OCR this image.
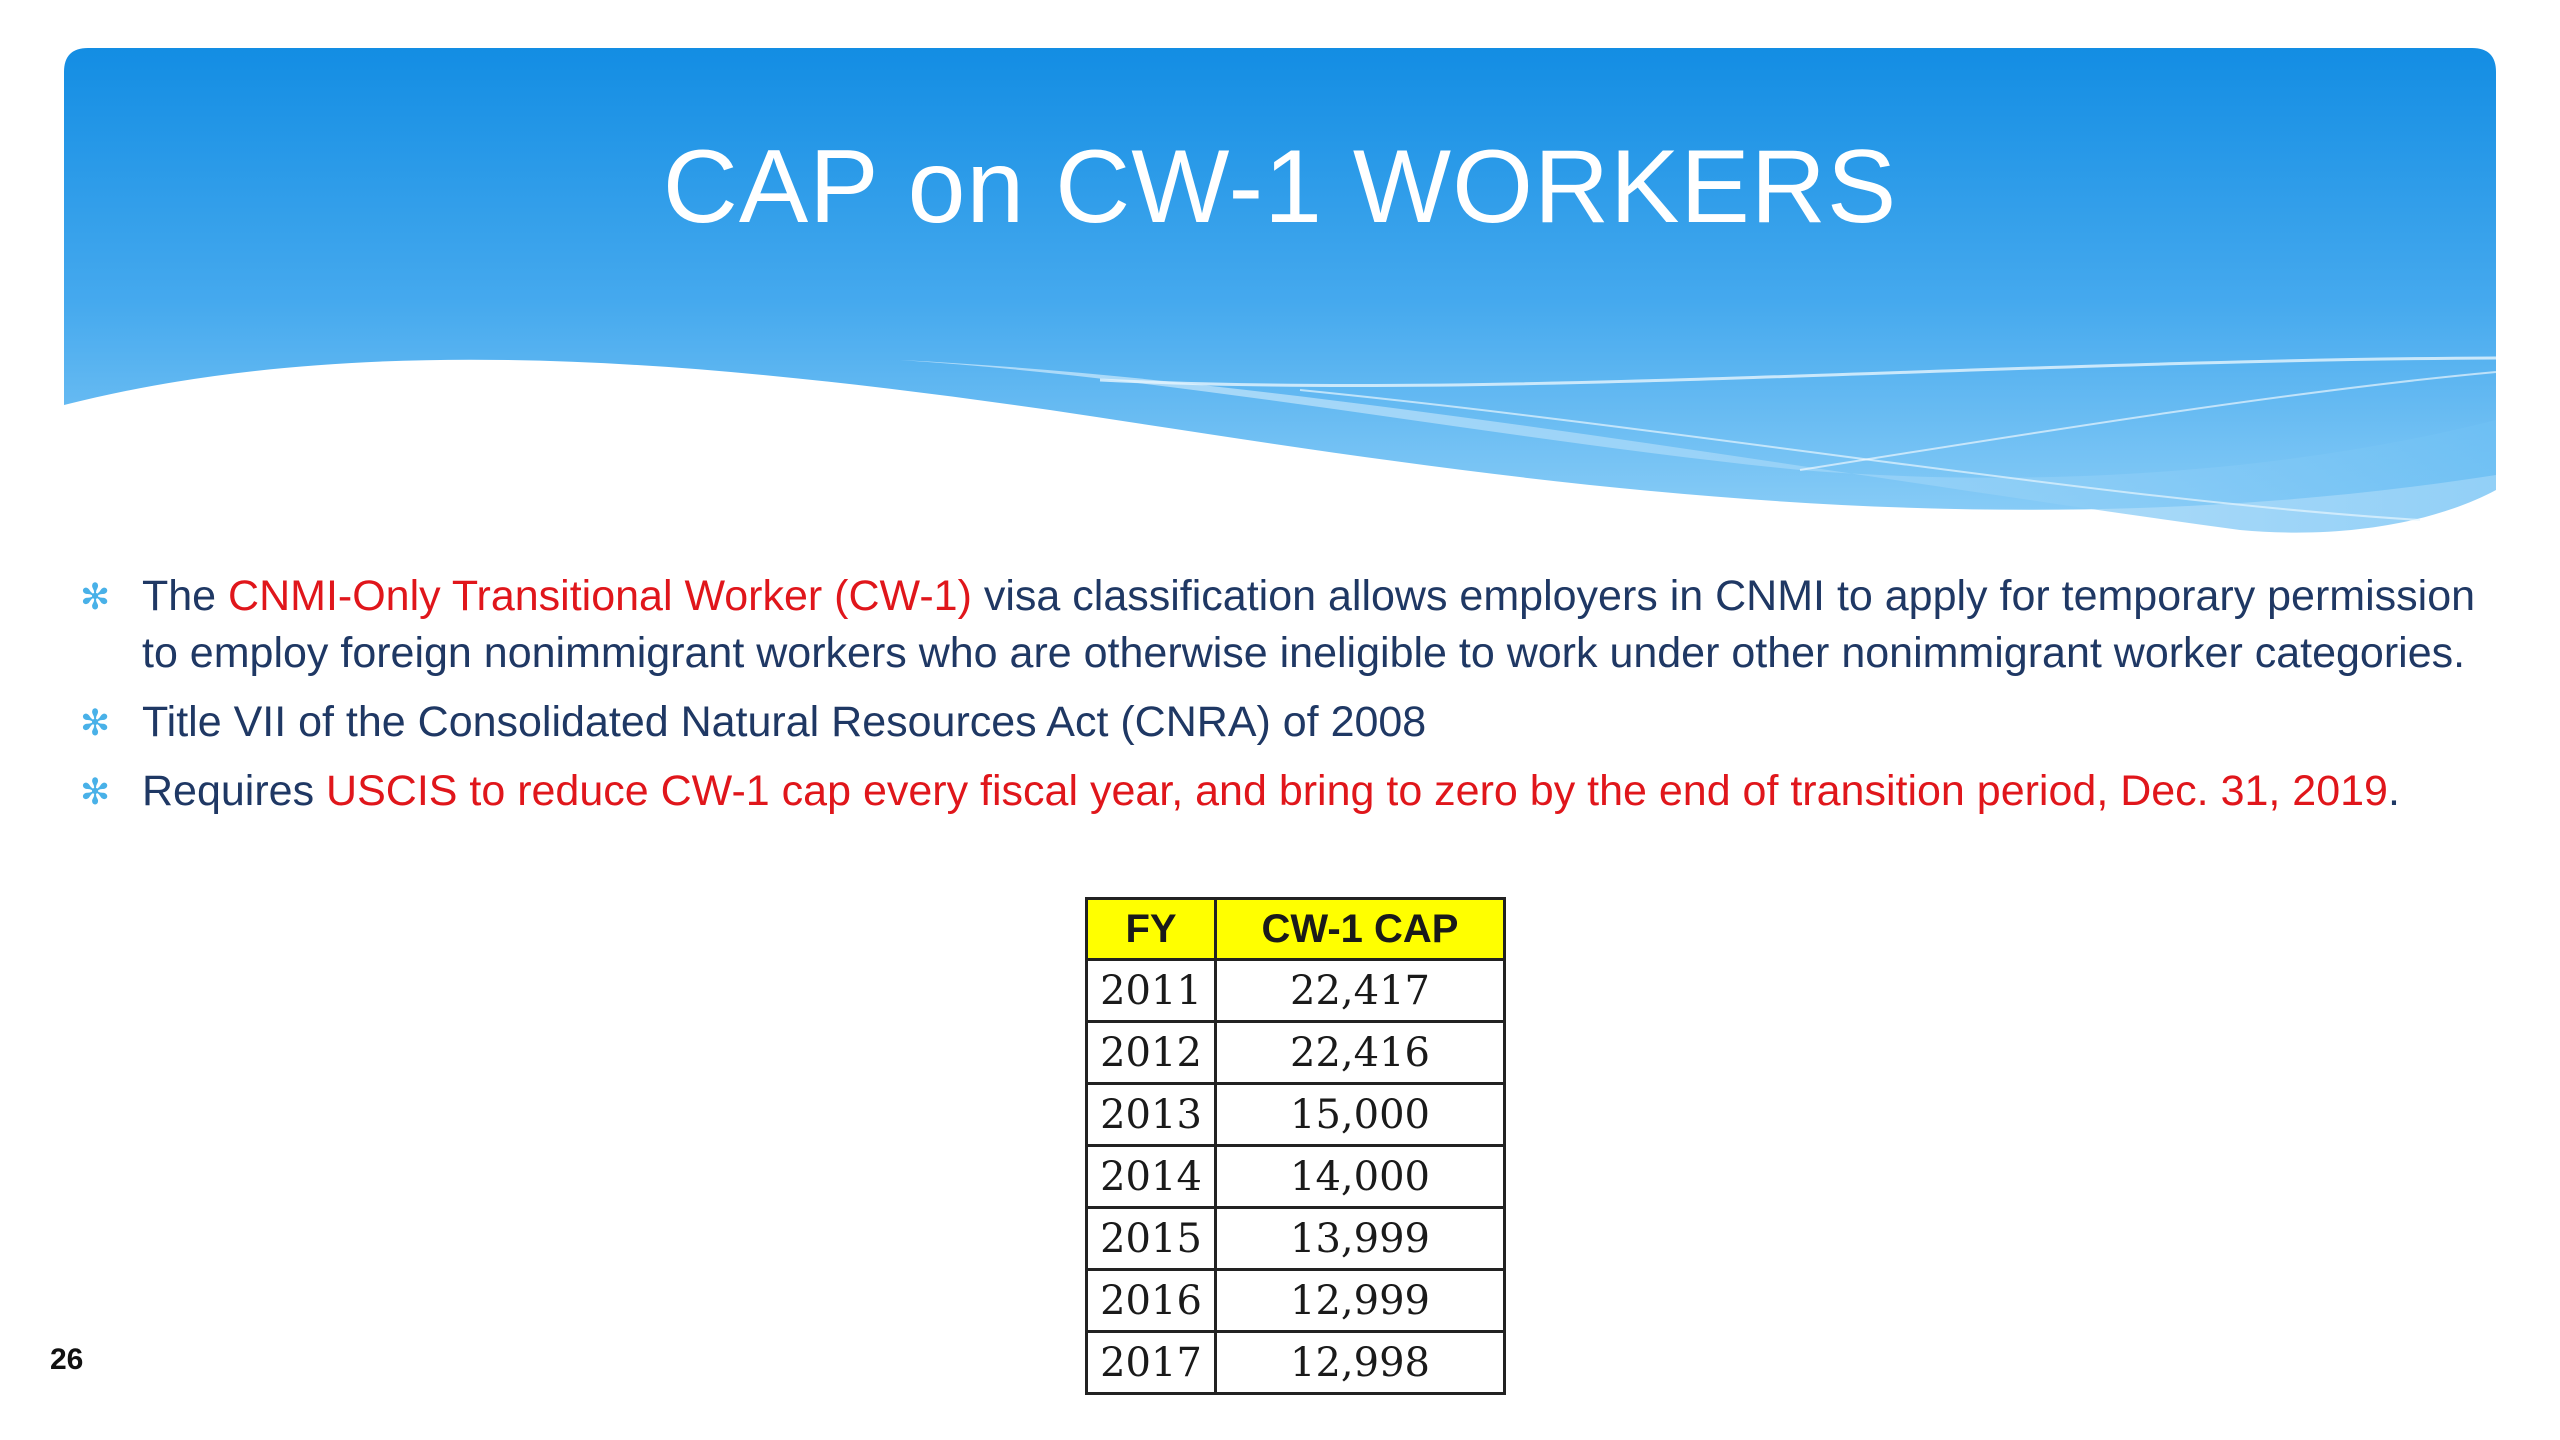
CAP on CW-1 WORKERS
✻ The CNMI-Only Transitional Worker (CW-1) visa classification allows employers in CNMI to apply for temporary permission to employ foreign nonimmigrant workers who are otherwise ineligible to work under other nonimmigrant worker categories.
✻ Title VII of the Consolidated Natural Resources Act (CNRA) of 2008
✻ Requires USCIS to reduce CW-1 cap every fiscal year, and bring to zero by the end of transition period, Dec. 31, 2019.
FY	CW-1 CAP
2011	22,417
2012	22,416
2013	15,000
2014	14,000
2015	13,999
2016	12,999
2017	12,998
26
